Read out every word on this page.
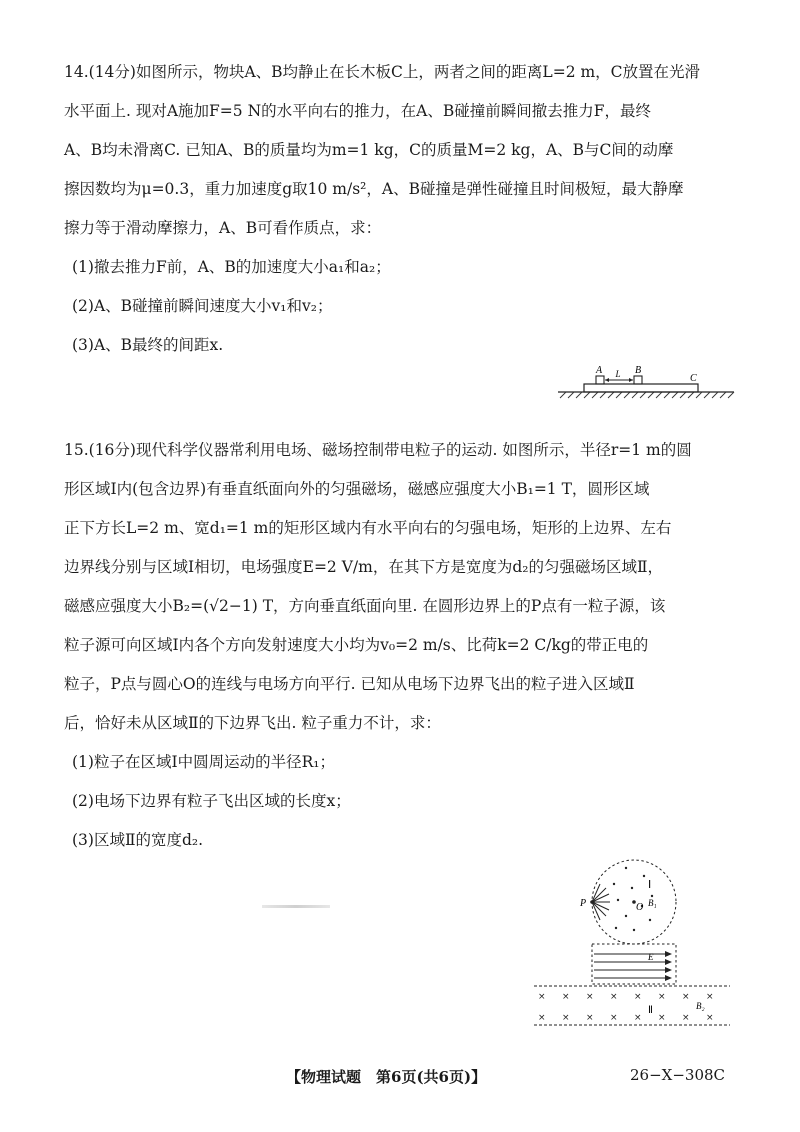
14.(14分)如图所示，物块A、B均静止在长木板C上，两者之间的距离L=2 m，C放置在光滑
水平面上. 现对A施加F=5 N的水平向右的推力，在A、B碰撞前瞬间撤去推力F，最终
A、B均未滑离C. 已知A、B的质量均为m=1 kg，C的质量M=2 kg，A、B与C间的动摩
擦因数均为μ=0.3，重力加速度g取10 m/s²，A、B碰撞是弹性碰撞且时间极短，最大静摩
擦力等于滑动摩擦力，A、B可看作质点，求：
(1)撤去推力F前，A、B的加速度大小a₁和a₂；
(2)A、B碰撞前瞬间速度大小v₁和v₂；
(3)A、B最终的间距x.
A L B
C
15.(16分)现代科学仪器常利用电场、磁场控制带电粒子的运动. 如图所示，半径r=1 m的圆
形区域Ⅰ内(包含边界)有垂直纸面向外的匀强磁场，磁感应强度大小B₁=1 T，圆形区域
正下方长L=2 m、宽d₁=1 m的矩形区域内有水平向右的匀强电场，矩形的上边界、左右
边界线分别与区域Ⅰ相切，电场强度E=2 V/m，在其下方是宽度为d₂的匀强磁场区域Ⅱ，
磁感应强度大小B₂=(√2−1) T，方向垂直纸面向里. 在圆形边界上的P点有一粒子源，该
粒子源可向区域Ⅰ内各个方向发射速度大小均为v₀=2 m/s、比荷k=2 C/kg的带正电的
粒子，P点与圆心O的连线与电场方向平行. 已知从电场下边界飞出的粒子进入区域Ⅱ
后，恰好未从区域Ⅱ的下边界飞出. 粒子重力不计，求：
(1)粒子在区域Ⅰ中圆周运动的半径R₁；
(2)电场下边界有粒子飞出区域的长度x；
(3)区域Ⅱ的宽度d₂.
P	O
Ⅰ
B₁
E
× × × × × × × ×
× × × × × × × ×
Ⅱ	B₂
【物理试题　第6页(共6页)】	26−X−308C
